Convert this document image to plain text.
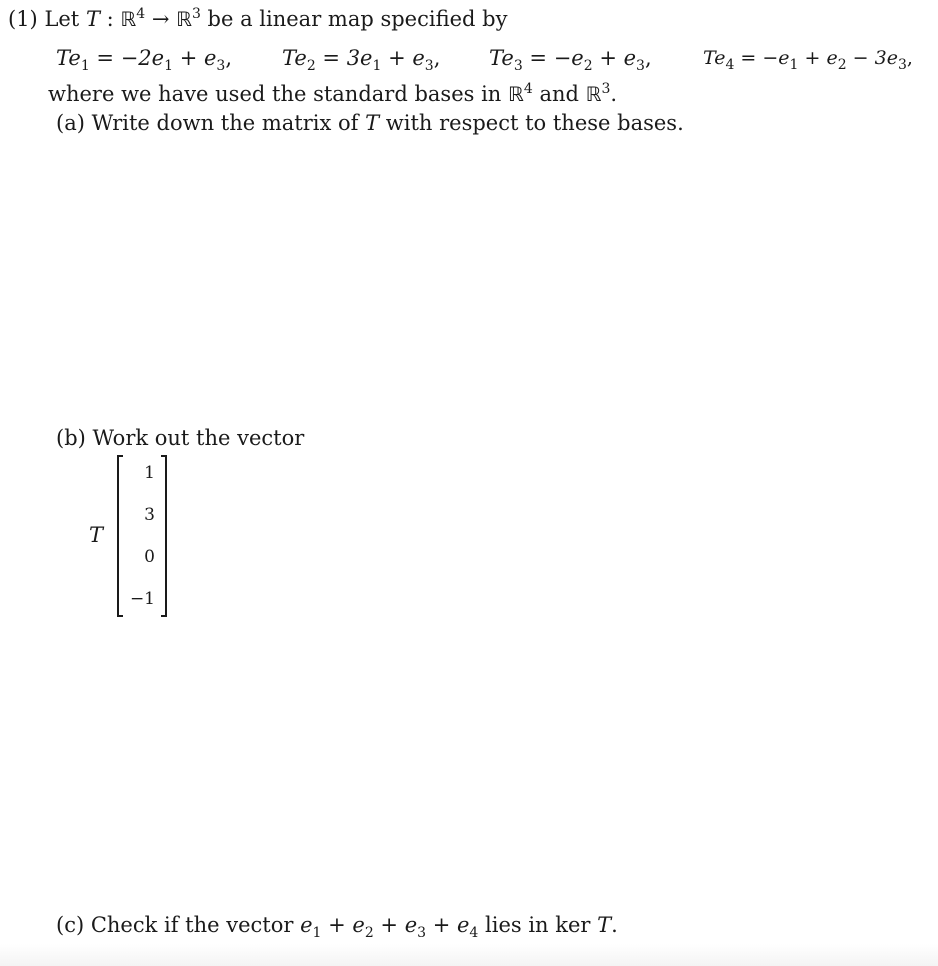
(1) Let T : ℝ$^4$ → ℝ$^3$ be a linear map specified by
$Te_1 = -2e_1 + e_3$, $Te_2 = 3e_1 + e_3$, $Te_3 = -e_2 + e_3$,	$Te_4 = -e_1 + e_2 - 3e_3$,
where we have used the standard bases in ℝ$^4$ and ℝ$^3$.
(a) Write down the matrix of T with respect to these bases.
(b) Work out the vector
T
1
3
0
−1
(c) Check if the vector $e_1 + e_2 + e_3 + e_4$ lies in ker T.
